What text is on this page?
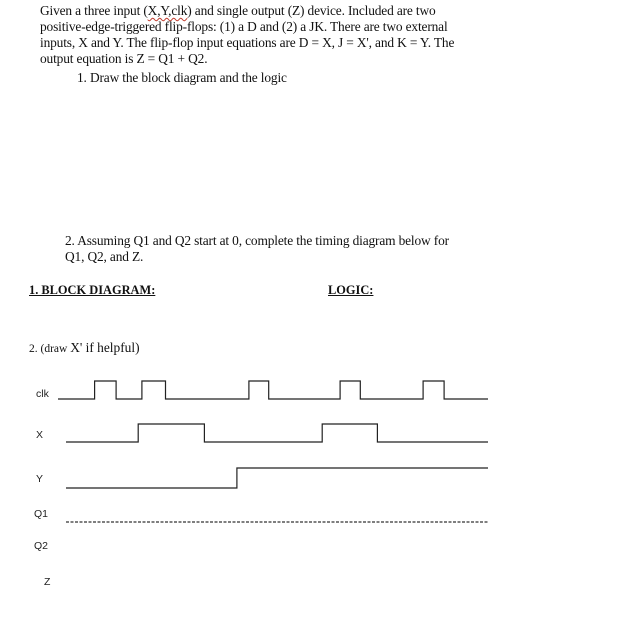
Given a three input (X,Y,clk) and single output (Z) device. Included are two
positive-edge-triggered flip-flops: (1) a D and (2) a JK. There are two external
inputs, X and Y. The flip-flop input equations are D = X, J = X', and K = Y. The
output equation is Z = Q1 + Q2.
1. Draw the block diagram and the logic
2. Assuming Q1 and Q2 start at 0, complete the timing diagram below for
Q1, Q2, and Z.
1. BLOCK DIAGRAM:	LOGIC:
2. (draw X' if helpful)
clk
X
Y
Q1
Q2
Z
